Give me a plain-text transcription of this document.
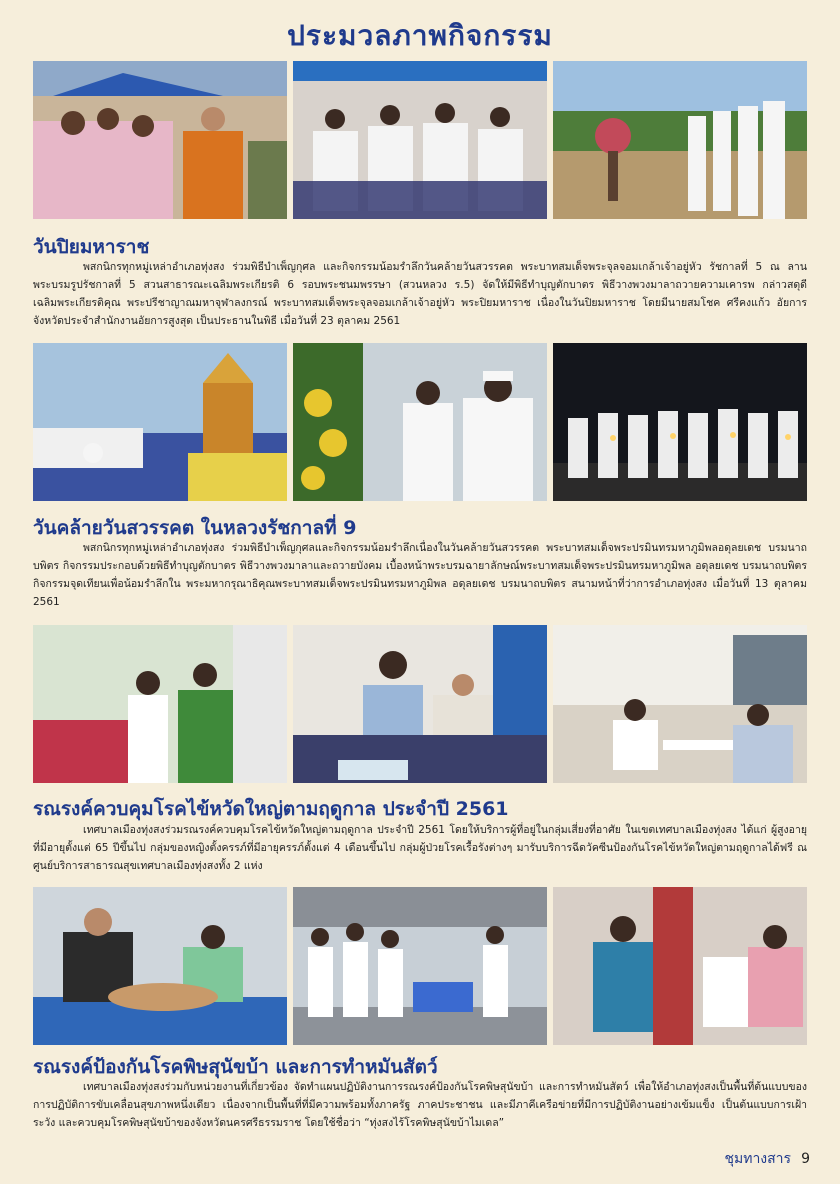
ประมวลภาพกิจกรรม
วันปิยมหาราช
พสกนิกรทุกหมู่เหล่าอำเภอทุ่งสง ร่วมพิธีบำเพ็ญกุศล และกิจกรรมน้อมรำลึกวันคล้ายวันสวรรคต พระบาทสมเด็จพระจุลจอมเกล้าเจ้าอยู่หัว รัชกาลที่ 5 ณ ลานพระบรมรูปรัชกาลที่ 5 สวนสาธารณะเฉลิมพระเกียรติ 6 รอบพระชนมพรรษา (สวนหลวง ร.5) จัดให้มีพิธีทำบุญตักบาตร พิธีวางพวงมาลาถวายความเคารพ กล่าวสดุดีเฉลิมพระเกียรติคุณ พระปรีชาญาณมหาจุฬาลงกรณ์ พระบาทสมเด็จพระจุลจอมเกล้าเจ้าอยู่หัว พระปิยมหาราช เนื่องในวันปิยมหาราช โดยมีนายสมโชค ศรีคงแก้ว อัยการจังหวัดประจำสำนักงานอัยการสูงสุด เป็นประธานในพิธี เมื่อวันที่ 23 ตุลาคม 2561
วันคล้ายวันสวรรคต ในหลวงรัชกาลที่ 9
พสกนิกรทุกหมู่เหล่าอำเภอทุ่งสง ร่วมพิธีบำเพ็ญกุศลและกิจกรรมน้อมรำลึกเนื่องในวันคล้ายวันสวรรคต พระบาทสมเด็จพระปรมินทรมหาภูมิพลอดุลยเดช บรมนาถบพิตร กิจกรรมประกอบด้วยพิธีทำบุญตักบาตร พิธีวางพวงมาลาและถวายบังคม เบื้องหน้าพระบรมฉายาลักษณ์พระบาทสมเด็จพระปรมินทรมหาภูมิพล อดุลยเดช บรมนาถบพิตร กิจกรรมจุดเทียนเพื่อน้อมรำลึกใน พระมหากรุณาธิคุณพระบาทสมเด็จพระปรมินทรมหาภูมิพล อดุลยเดช บรมนาถบพิตร สนามหน้าที่ว่าการอำเภอทุ่งสง เมื่อวันที่ 13 ตุลาคม 2561
รณรงค์ควบคุมโรคไข้หวัดใหญ่ตามฤดูกาล ประจำปี 2561
เทศบาลเมืองทุ่งสงร่วมรณรงค์ควบคุมโรคไข้หวัดใหญ่ตามฤดูกาล ประจำปี 2561 โดยให้บริการผู้ที่อยู่ในกลุ่มเสี่ยงที่อาศัย ในเขตเทศบาลเมืองทุ่งสง ได้แก่ ผู้สูงอายุที่มีอายุตั้งแต่ 65 ปีขึ้นไป กลุ่มของหญิงตั้งครรภ์ที่มีอายุครรภ์ตั้งแต่ 4 เดือนขึ้นไป กลุ่มผู้ป่วยโรคเรื้อรังต่างๆ มารับบริการฉีดวัคซีนป้องกันโรคไข้หวัดใหญ่ตามฤดูกาลได้ฟรี ณ ศูนย์บริการสาธารณสุขเทศบาลเมืองทุ่งสงทั้ง 2 แห่ง
รณรงค์ป้องกันโรคพิษสุนัขบ้า และการทำหมันสัตว์
เทศบาลเมืองทุ่งสงร่วมกับหน่วยงานที่เกี่ยวข้อง จัดทำแผนปฏิบัติงานการรณรงค์ป้องกันโรคพิษสุนัขบ้า และการทำหมันสัตว์ เพื่อให้อำเภอทุ่งสงเป็นพื้นที่ต้นแบบของการปฏิบัติการขับเคลื่อนสุขภาพหนึ่งเดียว เนื่องจากเป็นพื้นที่ที่มีความพร้อมทั้งภาครัฐ ภาคประชาชน และมีภาคีเครือข่ายที่มีการปฏิบัติงานอย่างเข้มแข็ง เป็นต้นแบบการเฝ้าระวัง และควบคุมโรคพิษสุนัขบ้าของจังหวัดนครศรีธรรมราช โดยใช้ชื่อว่า “ทุ่งสงไร้โรคพิษสุนัขบ้าไมเดล”
ชุมทางสาร 9
